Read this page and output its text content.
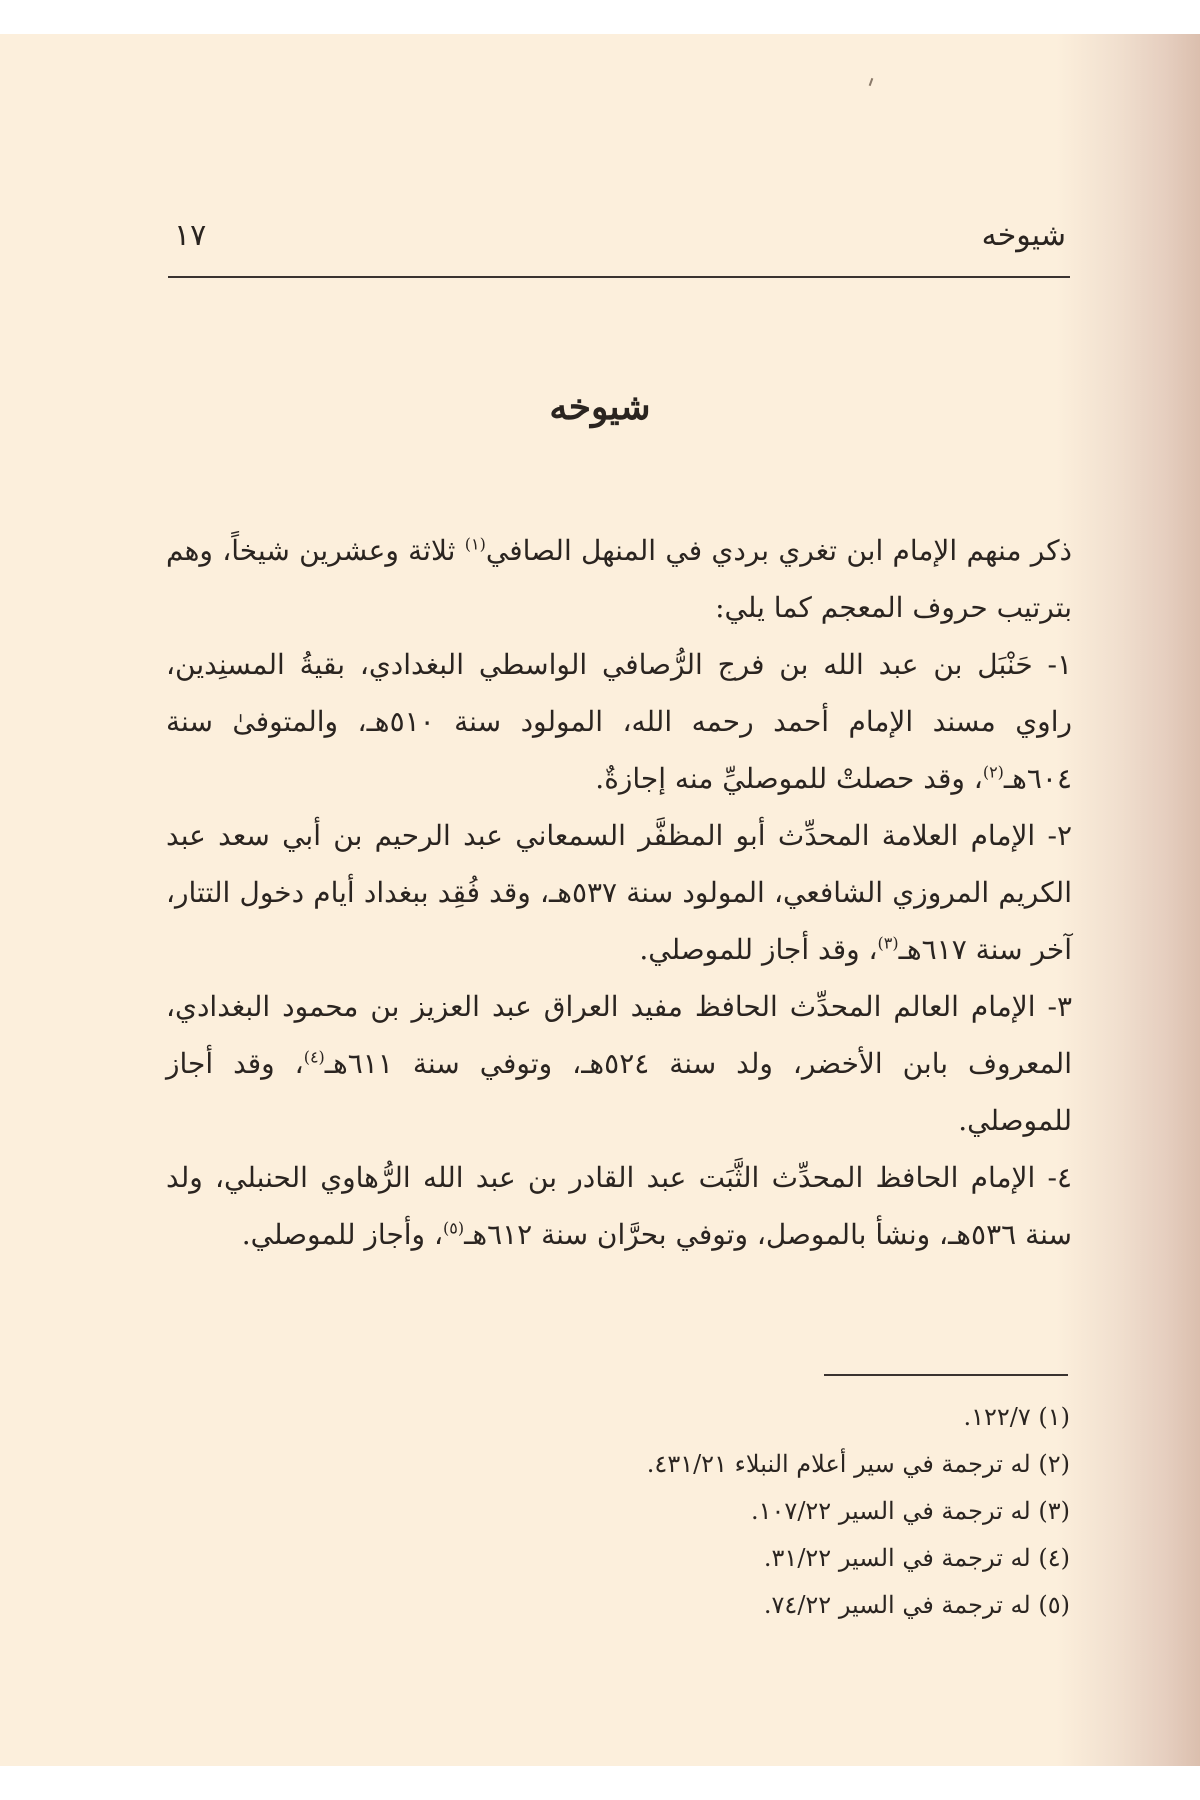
شيوخه
١٧
شيوخه

ذكر منهم الإمام ابن تغري بردي في المنهل الصافي$^{(١)}$ ثلاثة وعشرين شيخاً، وهم بترتيب حروف المعجم كما يلي:

١- حَنْبَل بن عبد الله بن فرج الرُّصافي الواسطي البغدادي، بقيةُ المسنِدين، راوي مسند الإمام أحمد رحمه الله، المولود سنة ٥١٠هـ، والمتوفىٰ سنة ٦٠٤هـ$^{(٢)}$، وقد حصلتْ للموصليِّ منه إجازةٌ.

٢- الإمام العلامة المحدِّث أبو المظفَّر السمعاني عبد الرحيم بن أبي سعد عبد الكريم المروزي الشافعي، المولود سنة ٥٣٧هـ، وقد فُقِد ببغداد أيام دخول التتار، آخر سنة ٦١٧هـ$^{(٣)}$، وقد أجاز للموصلي.

٣- الإمام العالم المحدِّث الحافظ مفيد العراق عبد العزيز بن محمود البغدادي، المعروف بابن الأخضر، ولد سنة ٥٢٤هـ، وتوفي سنة ٦١١هـ$^{(٤)}$، وقد أجاز للموصلي.

٤- الإمام الحافظ المحدِّث الثَّبَت عبد القادر بن عبد الله الرُّهاوي الحنبلي، ولد سنة ٥٣٦هـ، ونشأ بالموصل، وتوفي بحرَّان سنة ٦١٢هـ$^{(٥)}$، وأجاز للموصلي.

(١) ١٢٢/٧.
(٢) له ترجمة في سير أعلام النبلاء ٤٣١/٢١.
(٣) له ترجمة في السير ١٠٧/٢٢.
(٤) له ترجمة في السير ٣١/٢٢.
(٥) له ترجمة في السير ٧٤/٢٢.
